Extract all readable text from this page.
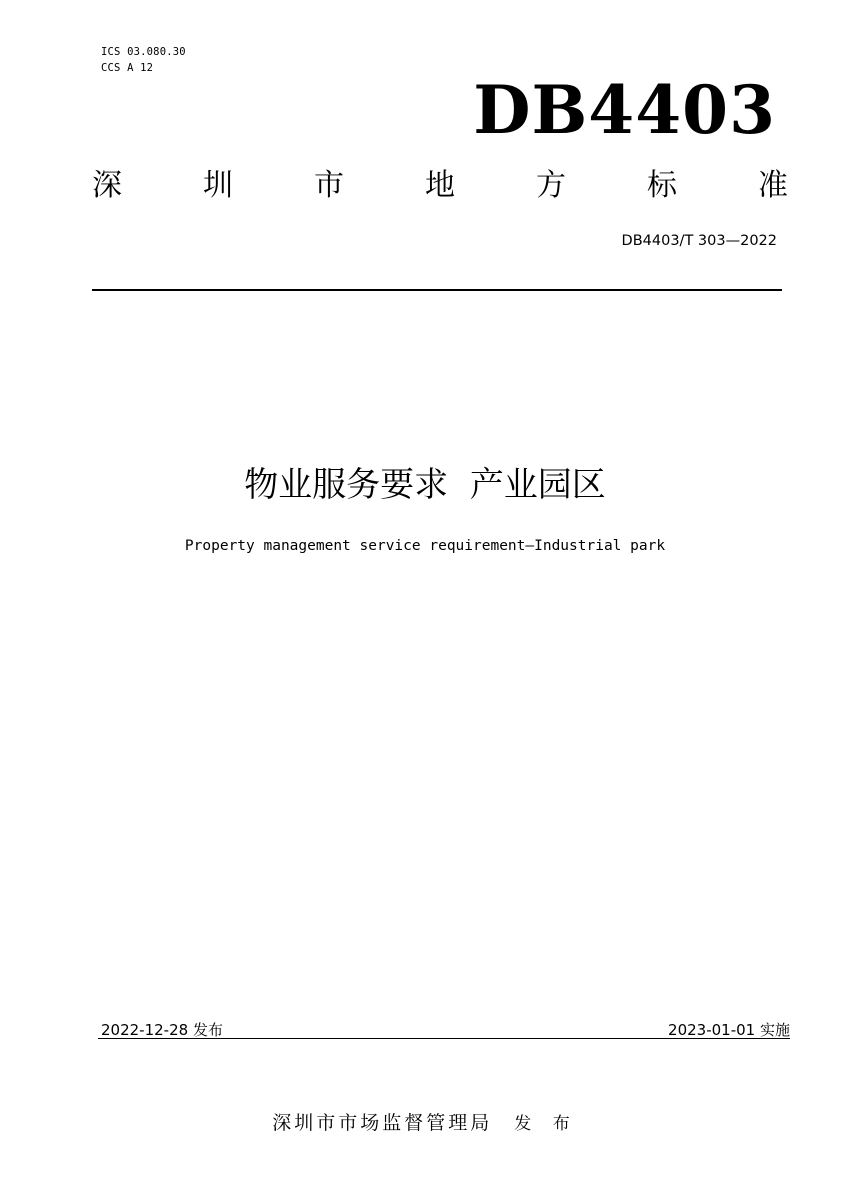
ICS 03.080.30
CCS A 12
DB4403
深	圳	市	地	方	标	准
DB4403/T 303—2022
物业服务要求  产业园区
Property management service requirement—Industrial park
2022-12-28 发布	2023-01-01 实施
深圳市市场监督管理局 发 布
